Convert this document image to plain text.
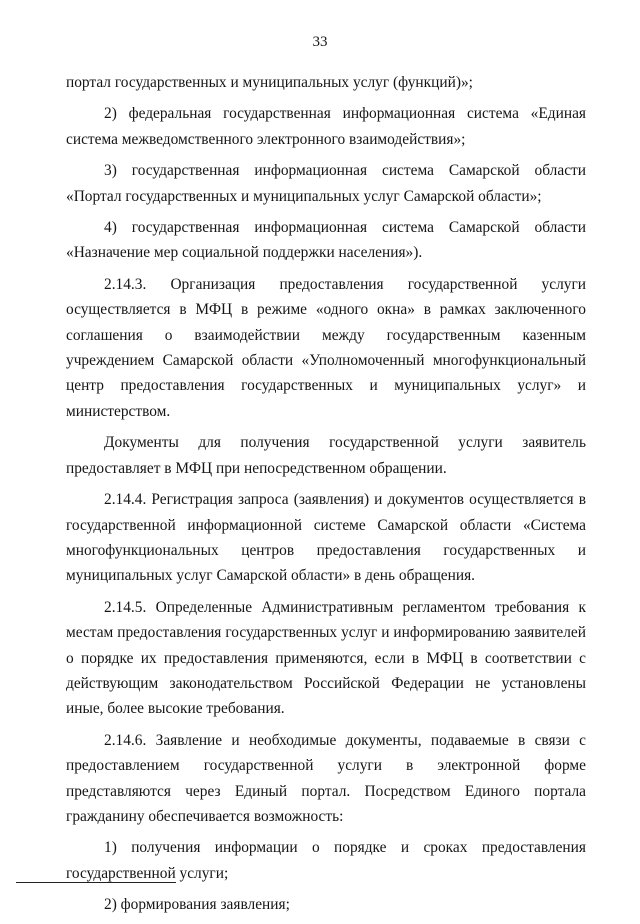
33

портал государственных и муниципальных услуг (функций)»;

2) федеральная государственная информационная система «Единая система межведомственного электронного взаимодействия»;

3) государственная информационная система Самарской области «Портал государственных и муниципальных услуг Самарской области»;

4) государственная информационная система Самарской области «Назначение мер социальной поддержки населения»).

2.14.3. Организация предоставления государственной услуги осуществляется в МФЦ в режиме «одного окна» в рамках заключенного соглашения о взаимодействии между государственным казенным учреждением Самарской области «Уполномоченный многофункциональный центр предоставления государственных и муниципальных услуг» и министерством.

Документы для получения государственной услуги заявитель предоставляет в МФЦ при непосредственном обращении.

2.14.4. Регистрация запроса (заявления) и документов осуществляется в государственной информационной системе Самарской области «Система многофункциональных центров предоставления государственных и муниципальных услуг Самарской области» в день обращения.

2.14.5. Определенные Административным регламентом требования к местам предоставления государственных услуг и информированию заявителей о порядке их предоставления применяются, если в МФЦ в соответствии с действующим законодательством Российской Федерации не установлены иные, более высокие требования.

2.14.6. Заявление и необходимые документы, подаваемые в связи с предоставлением государственной услуги в электронной форме представляются через Единый портал. Посредством Единого портала гражданину обеспечивается возможность:

1) получения информации о порядке и сроках предоставления государственной услуги;

2) формирования заявления;
